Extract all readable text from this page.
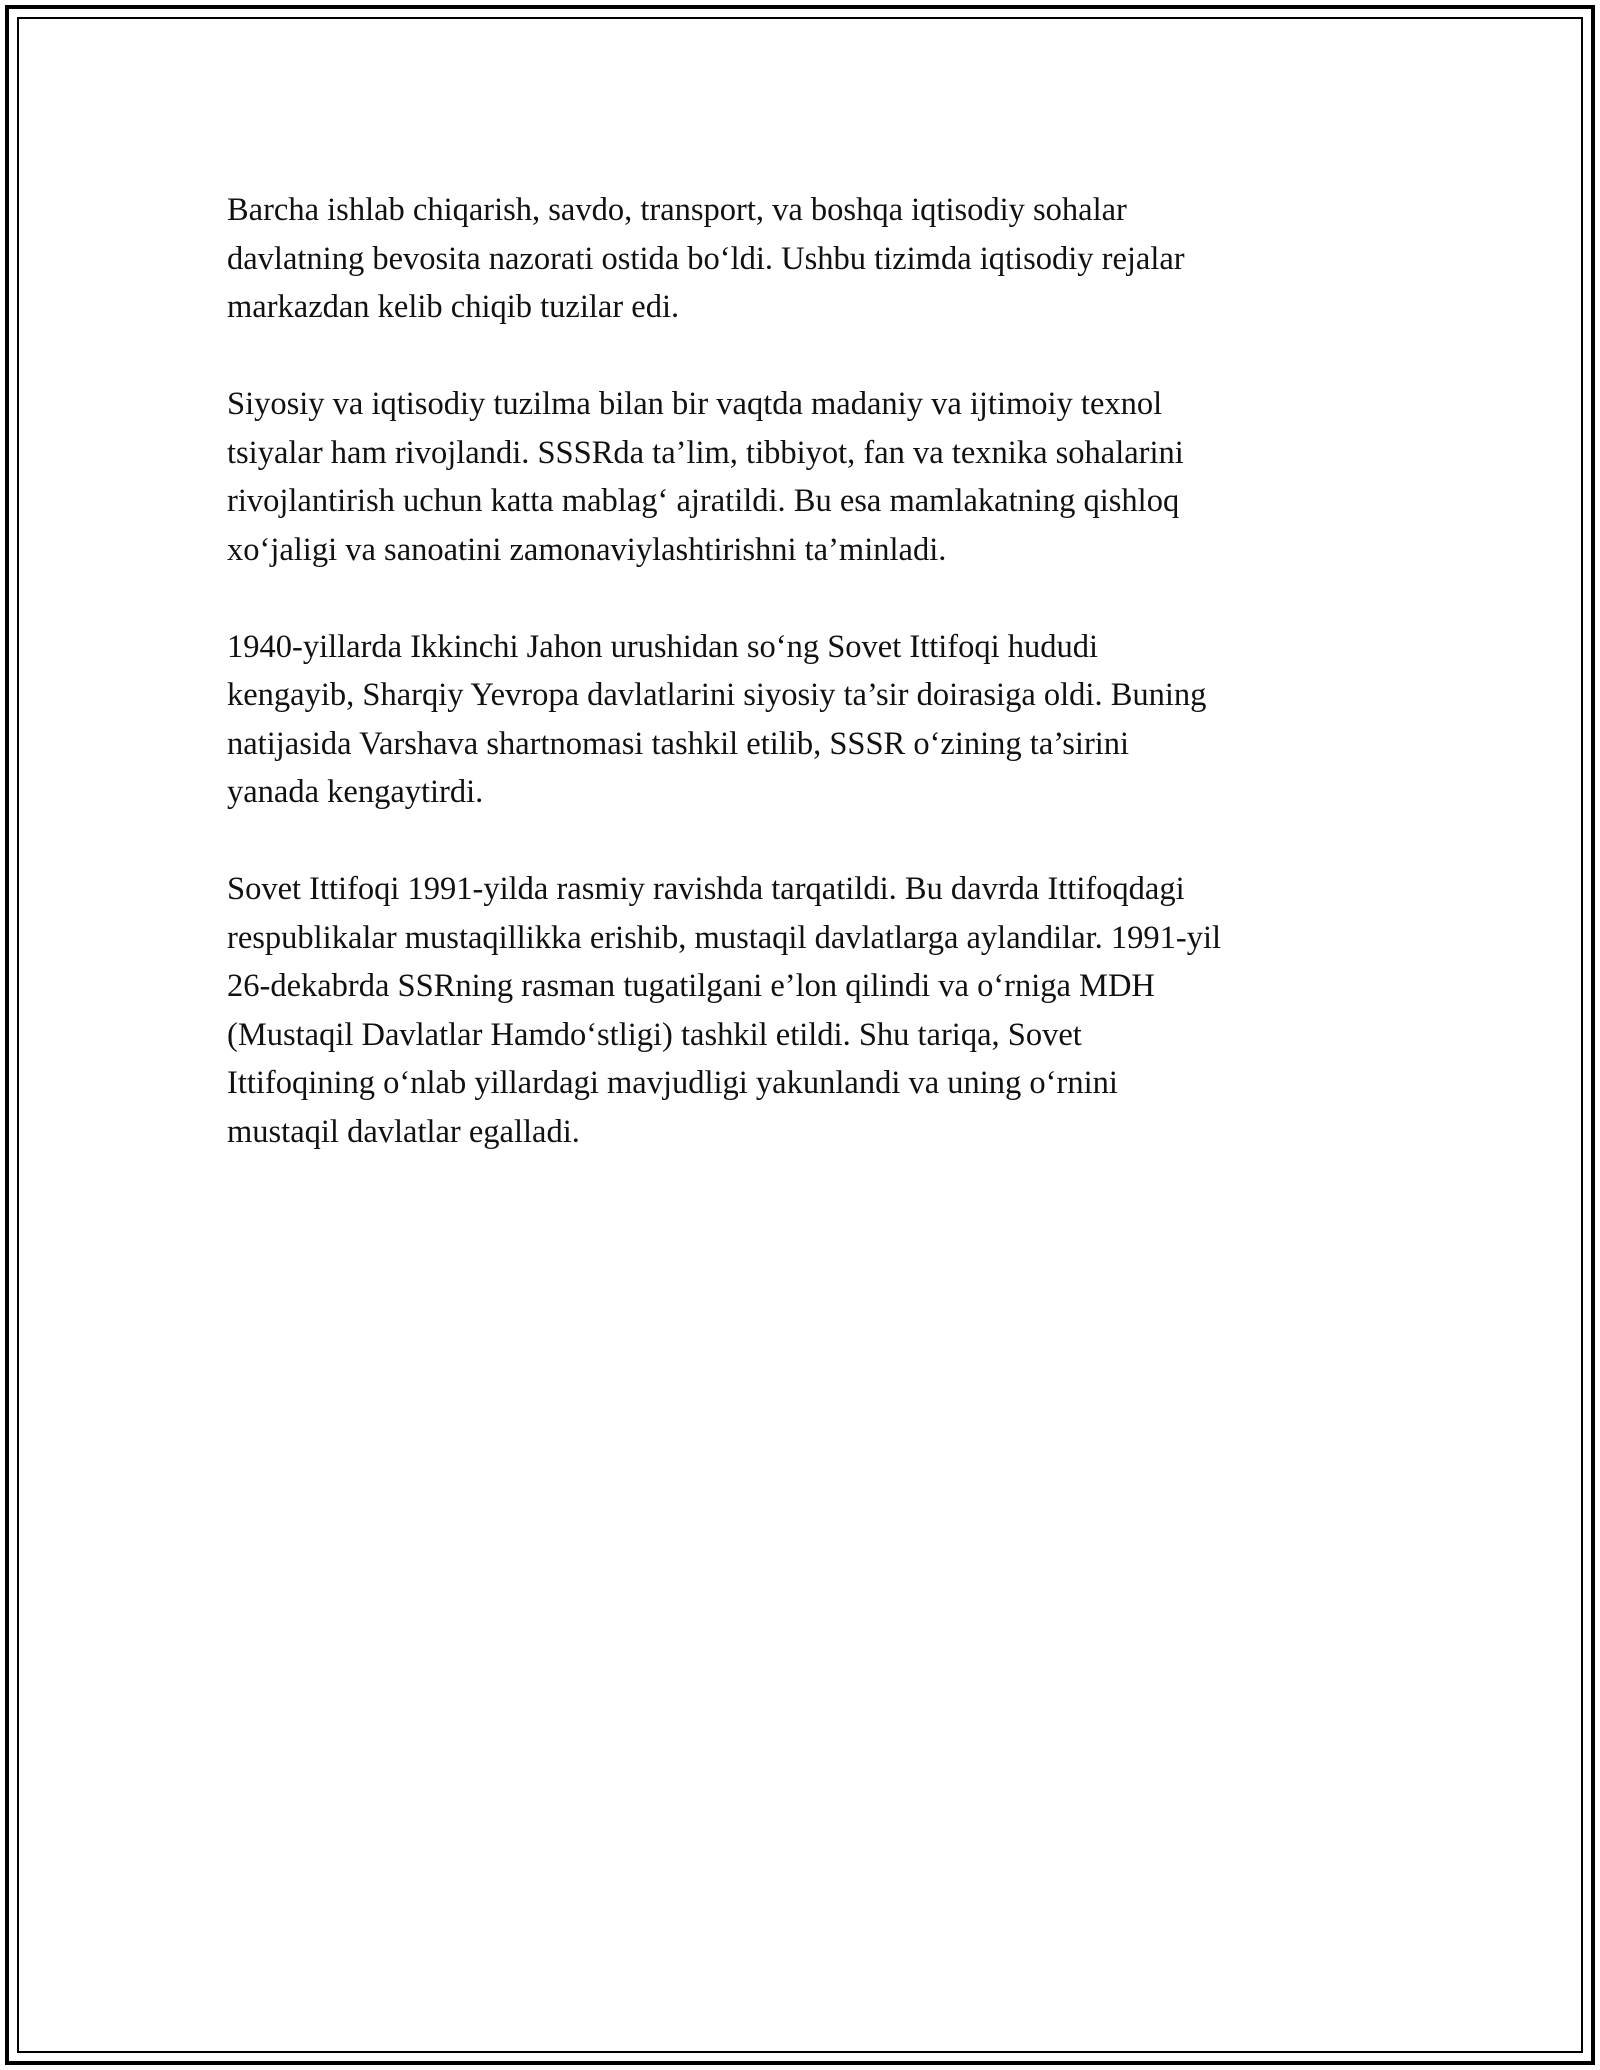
Barcha ishlab chiqarish, savdo, transport, va boshqa iqtisodiy sohalar
davlatning bevosita nazorati ostida bo‘ldi. Ushbu tizimda iqtisodiy rejalar
markazdan kelib chiqib tuzilar edi.

Siyosiy va iqtisodiy tuzilma bilan bir vaqtda madaniy va ijtimoiy texnol
tsiyalar ham rivojlandi. SSSRda ta’lim, tibbiyot, fan va texnika sohalarini
rivojlantirish uchun katta mablag‘ ajratildi. Bu esa mamlakatning qishloq
xo‘jaligi va sanoatini zamonaviylashtirishni ta’minladi.

1940-yillarda Ikkinchi Jahon urushidan so‘ng Sovet Ittifoqi hududi
kengayib, Sharqiy Yevropa davlatlarini siyosiy ta’sir doirasiga oldi. Buning
natijasida Varshava shartnomasi tashkil etilib, SSSR o‘zining ta’sirini
yanada kengaytirdi.

Sovet Ittifoqi 1991-yilda rasmiy ravishda tarqatildi. Bu davrda Ittifoqdagi
respublikalar mustaqillikka erishib, mustaqil davlatlarga aylandilar. 1991-yil
26-dekabrda SSRning rasman tugatilgani e’lon qilindi va o‘rniga MDH
(Mustaqil Davlatlar Hamdo‘stligi) tashkil etildi. Shu tariqa, Sovet
Ittifoqining o‘nlab yillardagi mavjudligi yakunlandi va uning o‘rnini
mustaqil davlatlar egalladi.
